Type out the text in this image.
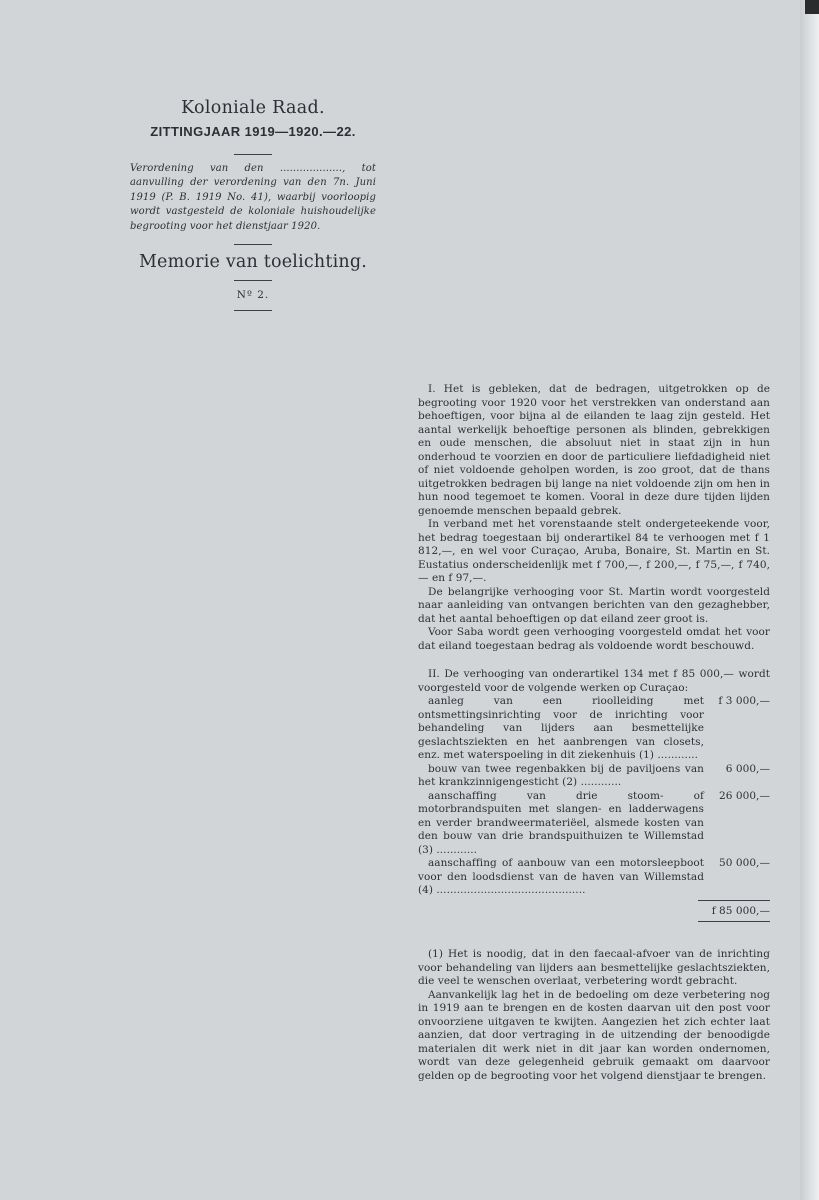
Koloniale Raad.
ZITTINGJAAR 1919—1920.—22.

Verordening van den ..................., tot aanvulling der verordening van den 7n. Juni 1919 (P. B. 1919 No. 41), waarbij voorloopig wordt vastgesteld de koloniale huishoudelijke begrooting voor het dienstjaar 1920.

Memorie van toelichting.

Nº 2.

I. Het is gebleken, dat de bedragen, uitgetrokken op de begrooting voor 1920 voor het verstrekken van onderstand aan behoeftigen, voor bijna al de eilanden te laag zijn gesteld. Het aantal werkelijk behoeftige personen als blinden, gebrekkigen en oude menschen, die absoluut niet in staat zijn in hun onderhoud te voorzien en door de particuliere liefdadigheid niet of niet voldoende geholpen worden, is zoo groot, dat de thans uitgetrokken bedragen bij lange na niet voldoende zijn om hen in hun nood tegemoet te komen. Vooral in deze dure tijden lijden genoemde menschen bepaald gebrek.

In verband met het vorenstaande stelt ondergeteekende voor, het bedrag toegestaan bij onderartikel 84 te verhoogen met f 1 812,—, en wel voor Curaçao, Aruba, Bonaire, St. Martin en St. Eustatius onderscheidenlijk met f 700,—, f 200,—, f 75,—, f 740,— en f 97,—.

De belangrijke verhooging voor St. Martin wordt voorgesteld naar aanleiding van ontvangen berichten van den gezaghebber, dat het aantal behoeftigen op dat eiland zeer groot is.

Voor Saba wordt geen verhooging voorgesteld omdat het voor dat eiland toegestaan bedrag als voldoende wordt beschouwd.

II. De verhooging van onderartikel 134 met f 85 000,— wordt voorgesteld voor de volgende werken op Curaçao:

aanleg van een rioolleiding met ontsmettingsinrichting voor de inrichting voor behandeling van lijders aan besmettelijke geslachtsziekten en het aanbrengen van closets, enz. met waterspoeling in dit ziekenhuis (1) ............
f 3 000,—
bouw van twee regenbakken bij de paviljoens van het krankzinnigengesticht (2) ............
6 000,—
aanschaffing van drie stoom- of motorbrandspuiten met slangen- en ladderwagens en verder brandweermateriëel, alsmede kosten van den bouw van drie brandspuithuizen te Willemstad (3) ............
26 000,—
aanschaffing of aanbouw van een motorsleepboot voor den loodsdienst van de haven van Willemstad (4) ............................................
50 000,—
f 85 000,—

(1) Het is noodig, dat in den faecaal-afvoer van de inrichting voor behandeling van lijders aan besmettelijke geslachtsziekten, die veel te wenschen overlaat, verbetering wordt gebracht.

Aanvankelijk lag het in de bedoeling om deze verbetering nog in 1919 aan te brengen en de kosten daarvan uit den post voor onvoorziene uitgaven te kwijten. Aangezien het zich echter laat aanzien, dat door vertraging in de uitzending der benoodigde materialen dit werk niet in dit jaar kan worden ondernomen, wordt van deze gelegenheid gebruik gemaakt om daarvoor gelden op de begrooting voor het volgend dienstjaar te brengen.
